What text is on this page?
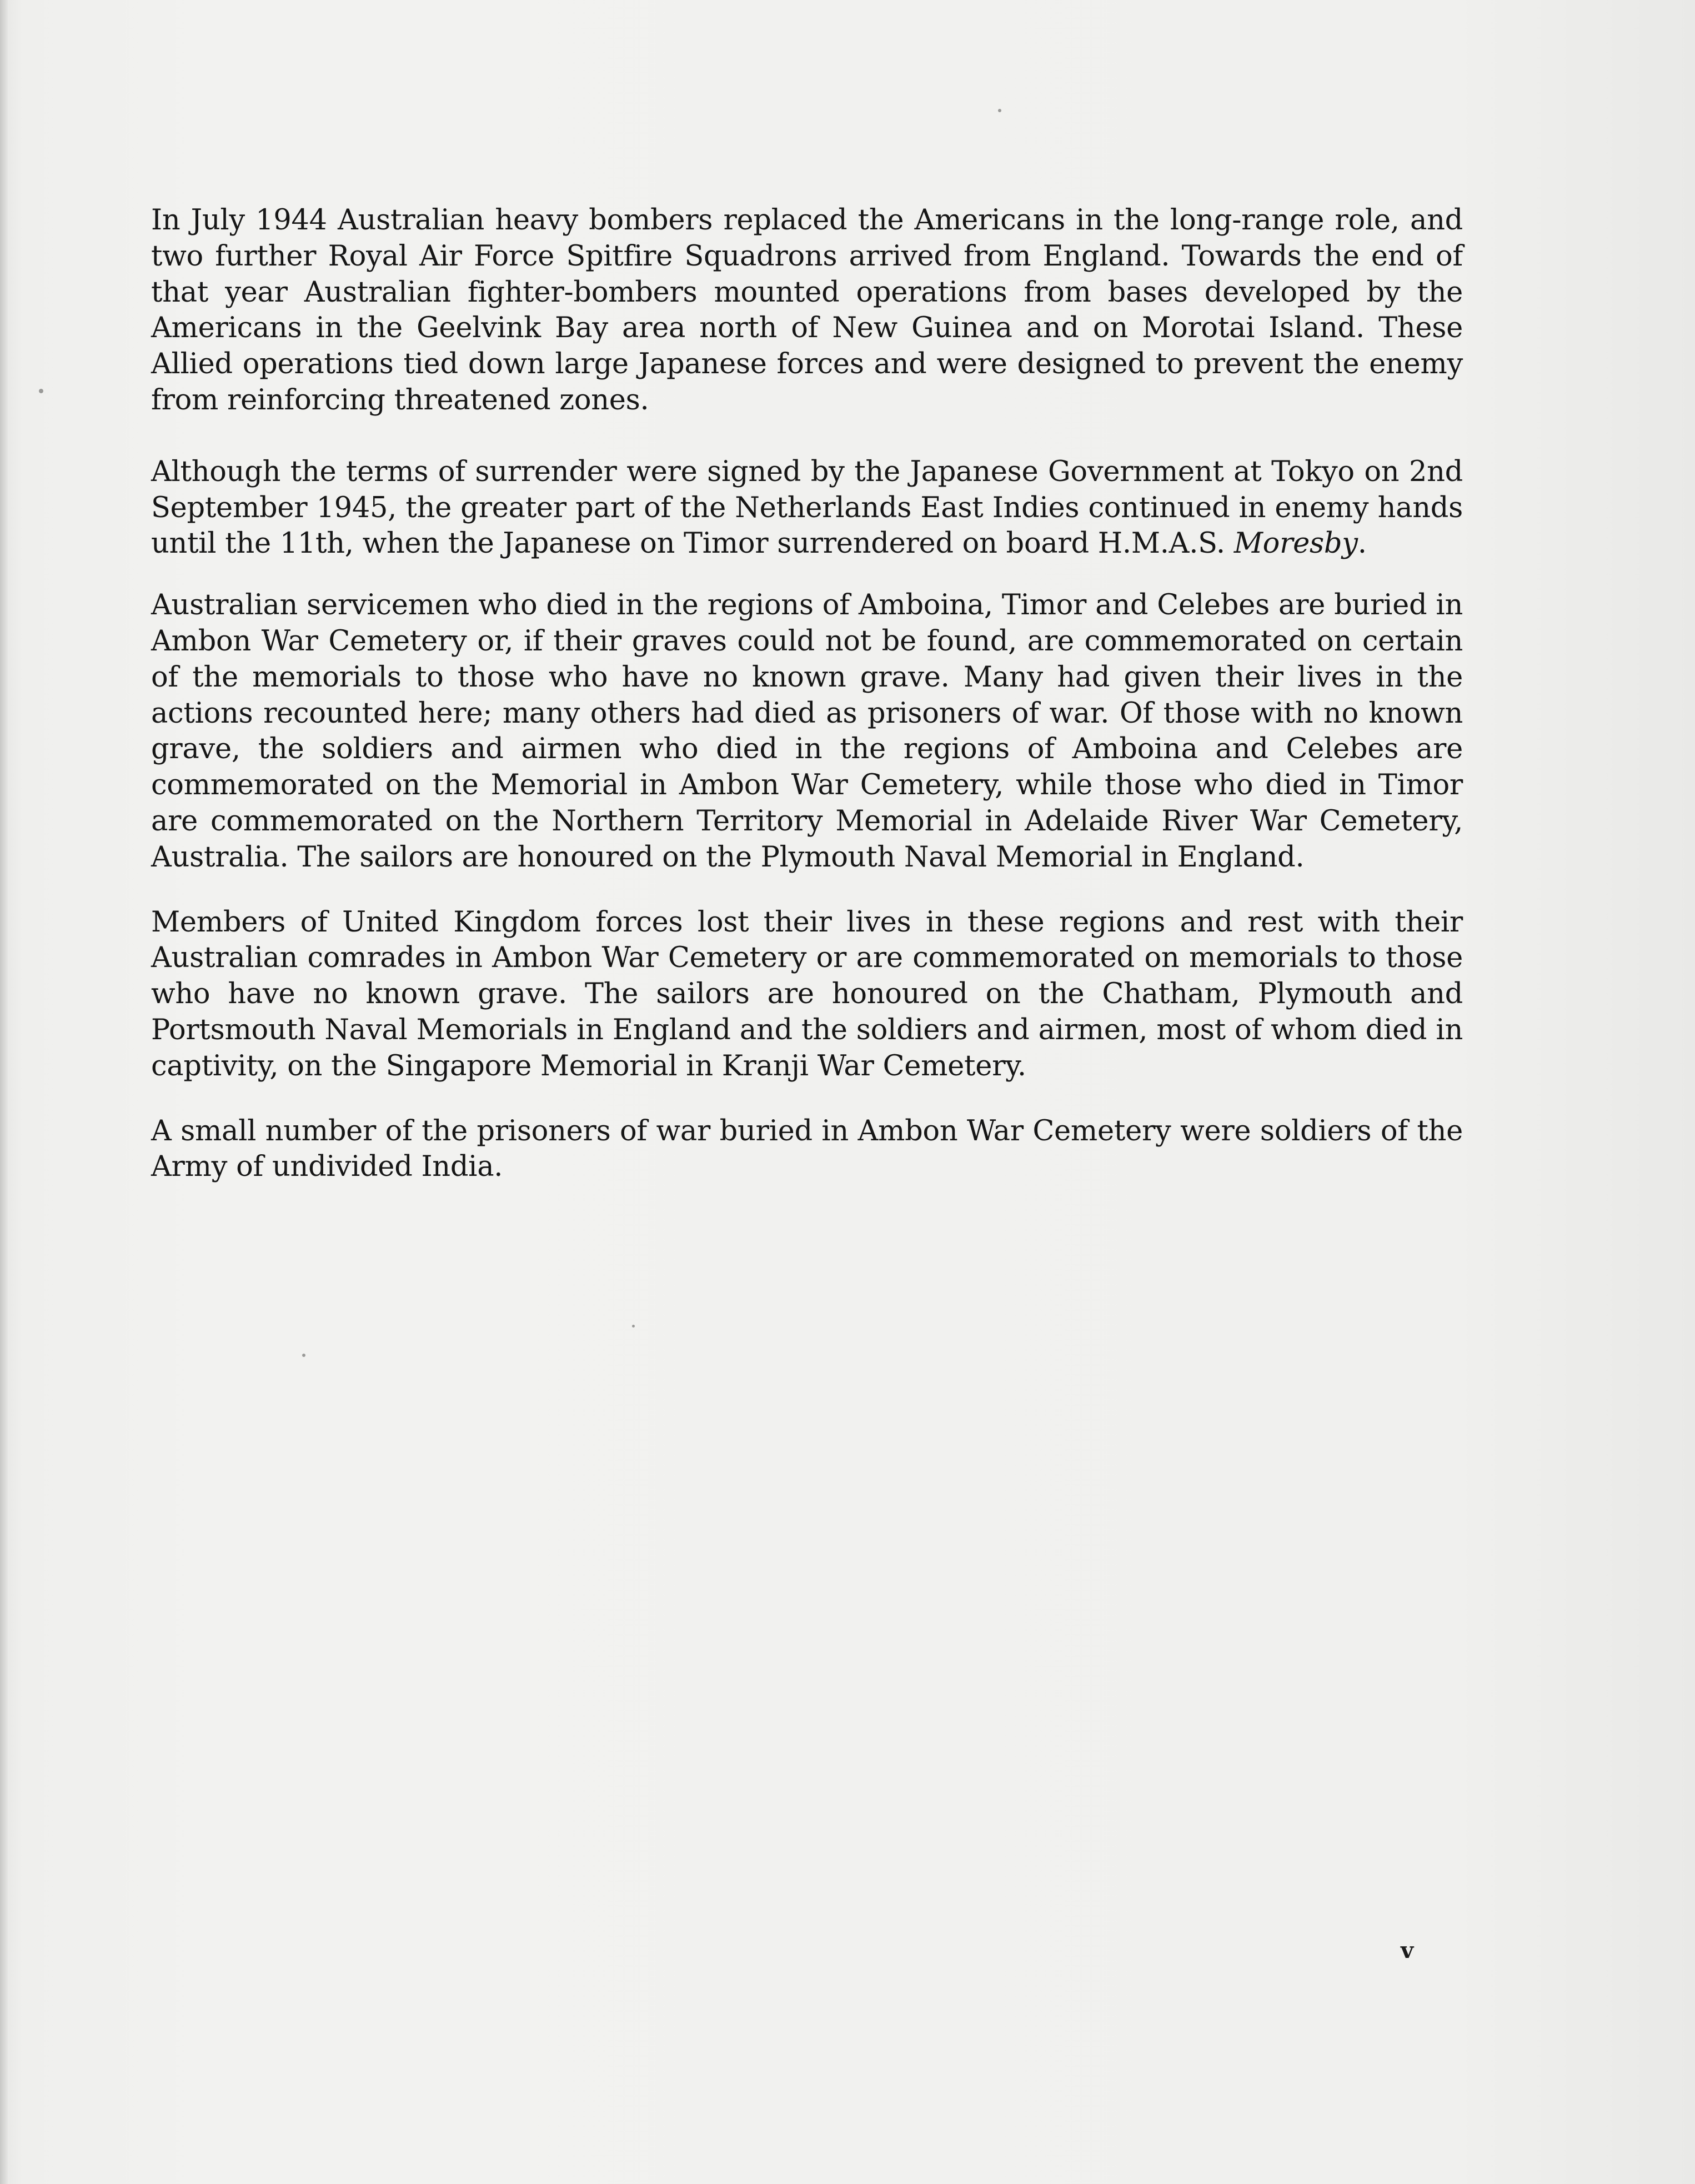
In July 1944 Australian heavy bombers replaced the Americans in the long-range role, and two further Royal Air Force Spitfire Squadrons arrived from England. Towards the end of that year Australian fighter-bombers mounted operations from bases developed by the Americans in the Geelvink Bay area north of New Guinea and on Morotai Island. These Allied operations tied down large Japanese forces and were designed to prevent the enemy from reinforcing threatened zones.

Although the terms of surrender were signed by the Japanese Government at Tokyo on 2nd September 1945, the greater part of the Netherlands East Indies continued in enemy hands until the 11th, when the Japanese on Timor surrendered on board H.M.A.S. Moresby.

Australian servicemen who died in the regions of Amboina, Timor and Celebes are buried in Ambon War Cemetery or, if their graves could not be found, are commemorated on certain of the memorials to those who have no known grave. Many had given their lives in the actions recounted here; many others had died as prisoners of war. Of those with no known grave, the soldiers and airmen who died in the regions of Amboina and Celebes are commemorated on the Memorial in Ambon War Cemetery, while those who died in Timor are commemorated on the Northern Territory Memorial in Adelaide River War Cemetery, Australia. The sailors are honoured on the Plymouth Naval Memorial in England.

Members of United Kingdom forces lost their lives in these regions and rest with their Australian comrades in Ambon War Cemetery or are commemorated on memorials to those who have no known grave. The sailors are honoured on the Chatham, Plymouth and Portsmouth Naval Memorials in England and the soldiers and airmen, most of whom died in captivity, on the Singapore Memorial in Kranji War Cemetery.

A small number of the prisoners of war buried in Ambon War Cemetery were soldiers of the Army of undivided India.

v
